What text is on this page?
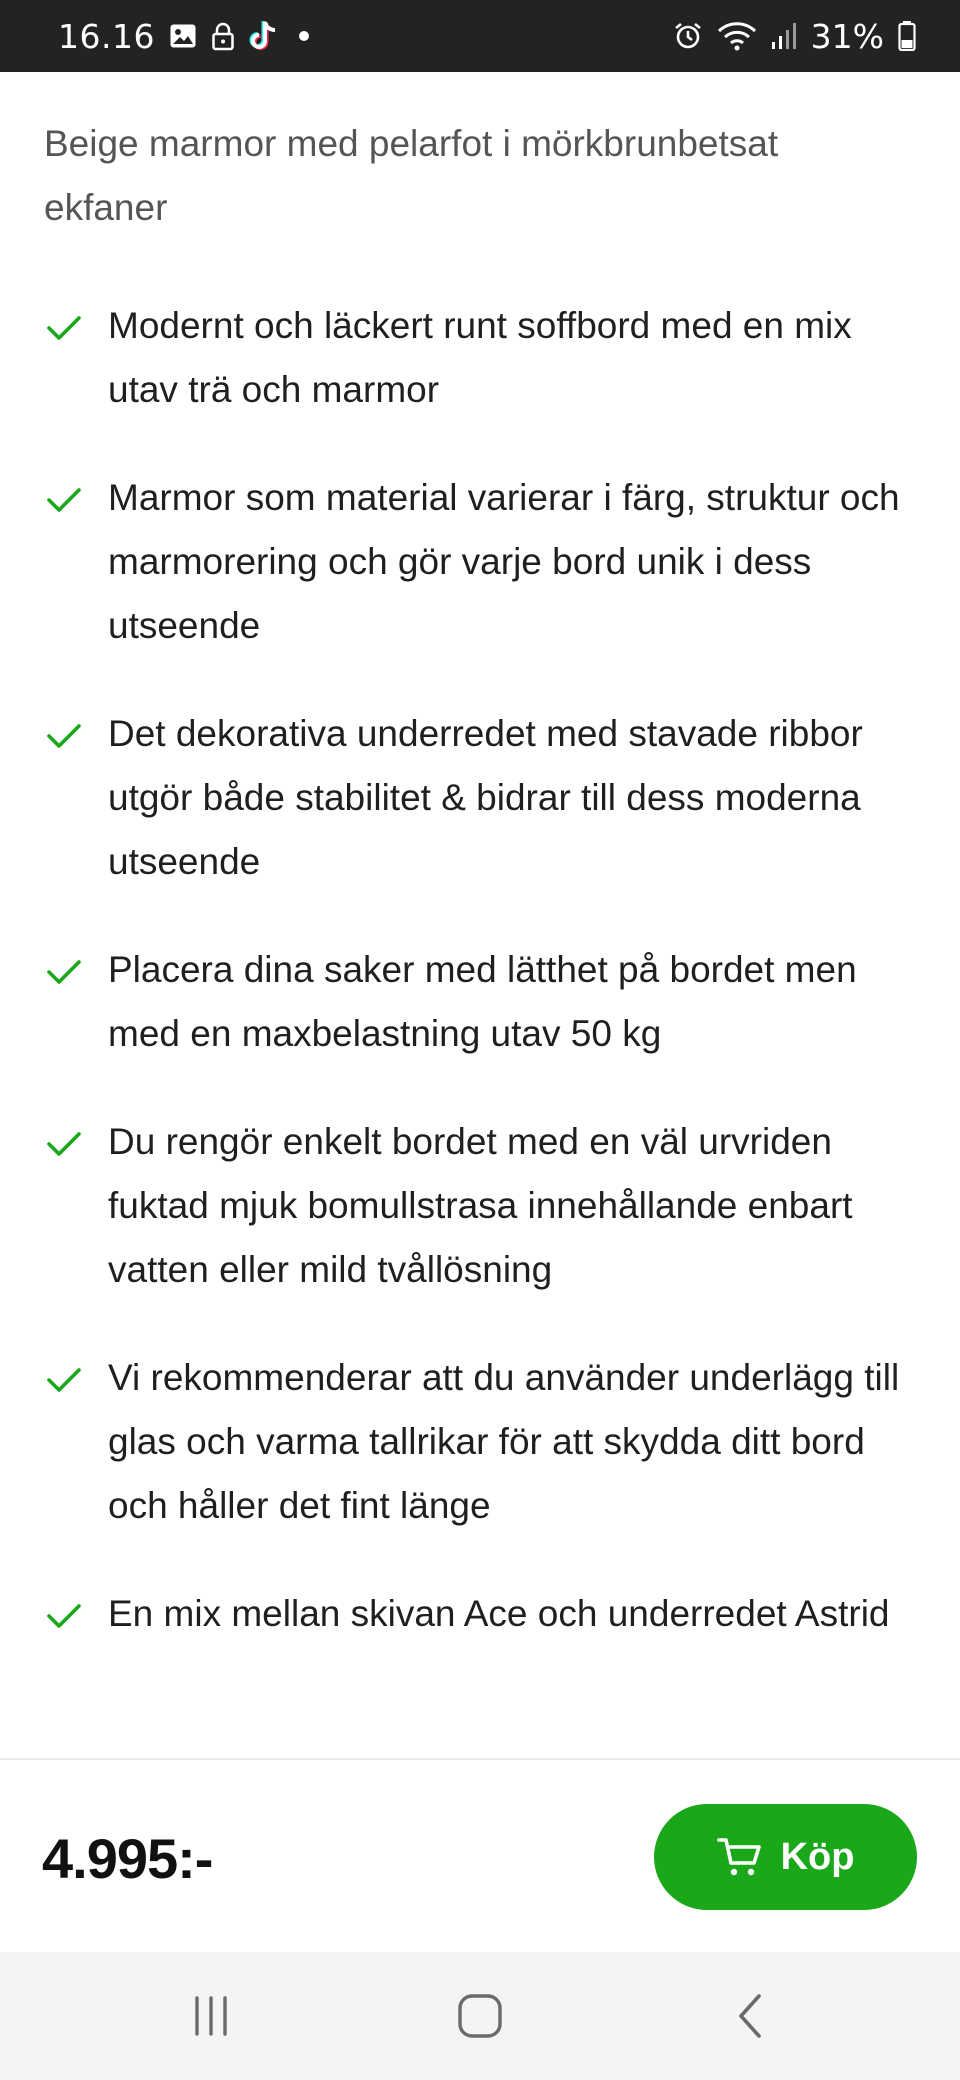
16.16	31%

Beige marmor med pelarfot i mörkbrunbetsat ekfaner

Modernt och läckert runt soffbord med en mix utav trä och marmor
Marmor som material varierar i färg, struktur och marmorering och gör varje bord unik i dess utseende
Det dekorativa underredet med stavade ribbor utgör både stabilitet & bidrar till dess moderna utseende
Placera dina saker med lätthet på bordet men med en maxbelastning utav 50 kg
Du rengör enkelt bordet med en väl urvriden fuktad mjuk bomullstrasa innehållande enbart vatten eller mild tvållösning
Vi rekommenderar att du använder underlägg till glas och varma tallrikar för att skydda ditt bord och håller det fint länge
En mix mellan skivan Ace och underredet Astrid
4.995:-	Köp
